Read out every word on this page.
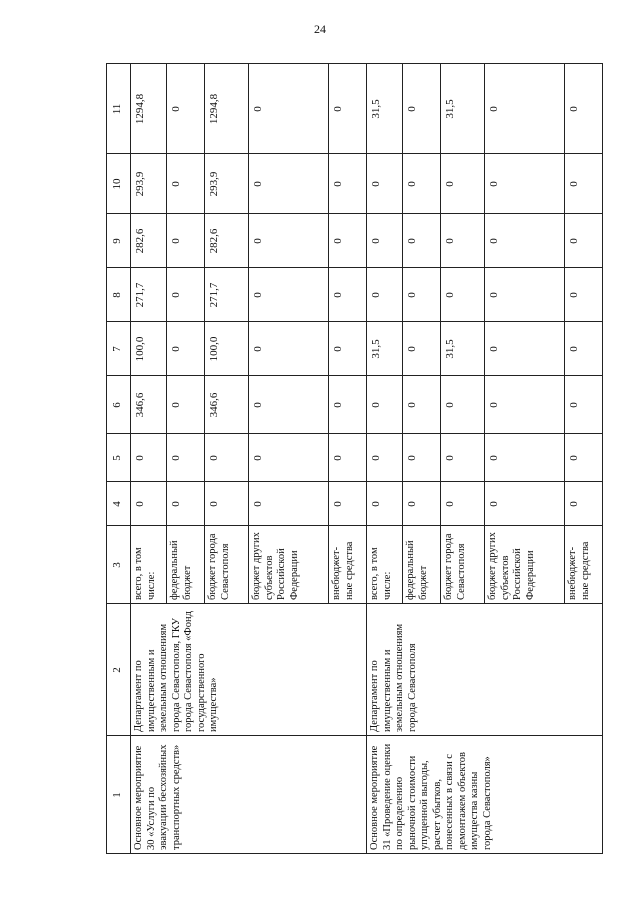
24
1
2
3
4
5
6
7
8
9
10
11
Основное мероприятие 30 «Услуги по эвакуации бесхозяйных транспортных средств»
Департамент по имущественным и земельным отношениям города Севастополя, ГКУ города Севастополя «Фонд государственного имущества»
всего, в том числе:
0
0
346,6
100,0
271,7
282,6
293,9
1294,8
федеральный бюджет
0
0
0
0
0
0
0
0
бюджет города Севастополя
0
0
346,6
100,0
271,7
282,6
293,9
1294,8
бюджет других субъектов Российской Федерации
0
0
0
0
0
0
0
0
внебюджет-ные средства
0
0
0
0
0
0
0
0
Основное мероприятие 31 «Проведение оценки по определению рыночной стоимости упущенной выгоды, расчет убытков, понесенных в связи с демонтажем объектов имущества казны города Севастополя»
Департамент по имущественным и земельным отношениям города Севастополя
всего, в том числе:
0
0
0
31,5
0
0
0
31,5
федеральный бюджет
0
0
0
0
0
0
0
0
бюджет города Севастополя
0
0
0
31,5
0
0
0
31,5
бюджет других субъектов Российской Федерации
0
0
0
0
0
0
0
0
внебюджет-ные средства
0
0
0
0
0
0
0
0
